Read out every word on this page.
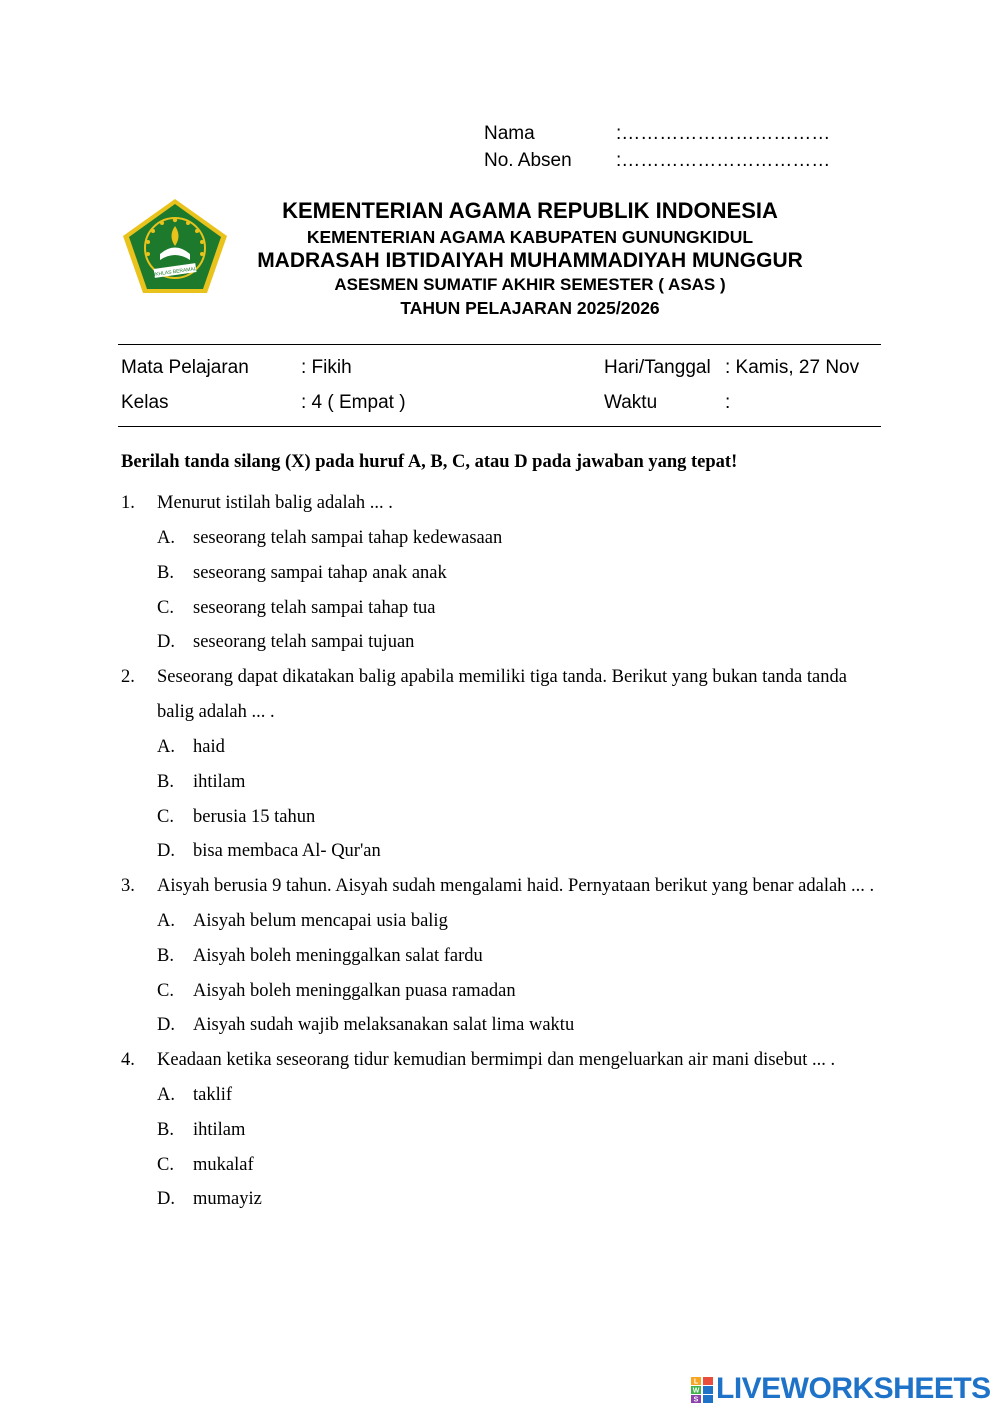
Nama	:……………………………
No. Absen	:……………………………
IKHLAS BERAMAL
KEMENTERIAN AGAMA REPUBLIK INDONESIA
KEMENTERIAN AGAMA KABUPATEN GUNUNGKIDUL
MADRASAH IBTIDAIYAH MUHAMMADIYAH MUNGGUR
ASESMEN SUMATIF AKHIR SEMESTER ( ASAS )
TAHUN PELAJARAN 2025/2026
Mata Pelajaran	: Fikih	Hari/Tanggal : Kamis, 27 Nov
Kelas	: 4 ( Empat )	Waktu	:
Berilah tanda silang (X) pada huruf A, B, C, atau D pada jawaban yang tepat!
1. Menurut istilah balig adalah ... .
A. seseorang telah sampai tahap kedewasaan
B.	seseorang sampai tahap anak anak
C.	seseorang telah sampai tahap tua
D. seseorang telah sampai tujuan
2. Seseorang dapat dikatakan balig apabila memiliki tiga tanda. Berikut yang bukan tanda tanda balig adalah ... .
A. haid
B.	ihtilam
C.	berusia 15 tahun
D. bisa membaca Al- Qur'an
3. Aisyah berusia 9 tahun. Aisyah sudah mengalami haid. Pernyataan berikut yang benar adalah ... .
A. Aisyah belum mencapai usia balig
B.	Aisyah boleh meninggalkan salat fardu
C.	Aisyah boleh meninggalkan puasa ramadan
D. Aisyah sudah wajib melaksanakan salat lima waktu
4. Keadaan ketika seseorang tidur kemudian bermimpi dan mengeluarkan air mani disebut ... .
A. taklif
B.	ihtilam
C.	mukalaf
D. mumayiz
L
W
S LIVEWORKSHEETS
